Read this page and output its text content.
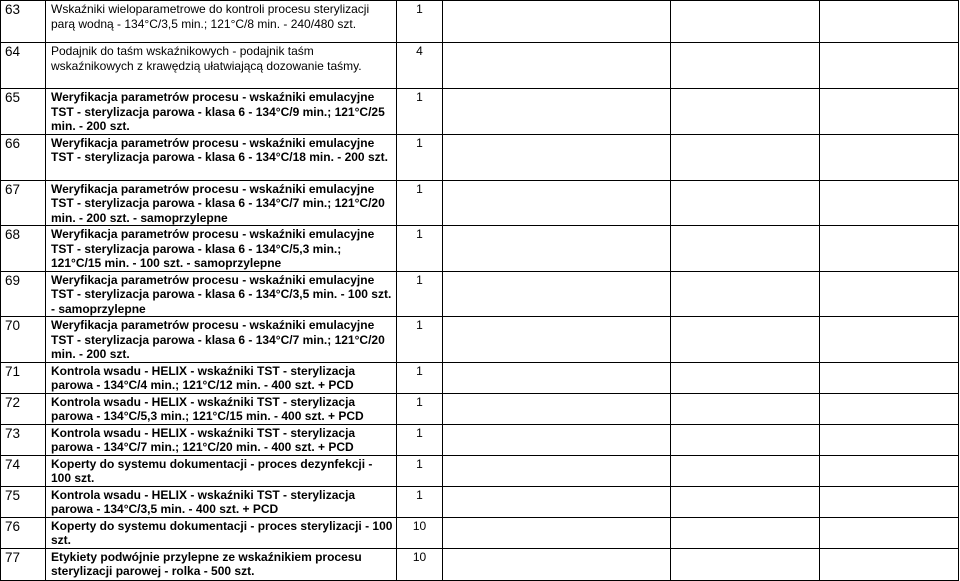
63	Wskaźniki wieloparametrowe do kontroli procesu sterylizacji parą wodną - 134°C/3,5 min.; 121°C/8 min. - 240/480 szt.	1			
64	Podajnik do taśm wskaźnikowych - podajnik taśm wskaźnikowych z krawędzią ułatwiającą dozowanie taśmy.	4			
65	Weryfikacja parametrów procesu - wskaźniki emulacyjne TST - sterylizacja parowa - klasa 6 - 134°C/9 min.; 121°C/25 min. - 200 szt.	1			
66	Weryfikacja parametrów procesu - wskaźniki emulacyjne TST - sterylizacja parowa - klasa 6 - 134°C/18 min. - 200 szt.	1			
67	Weryfikacja parametrów procesu - wskaźniki emulacyjne TST - sterylizacja parowa - klasa 6 - 134°C/7 min.; 121°C/20 min. - 200 szt. - samoprzylepne	1			
68	Weryfikacja parametrów procesu - wskaźniki emulacyjne TST - sterylizacja parowa - klasa 6 - 134°C/5,3 min.; 121°C/15 min. - 100 szt. - samoprzylepne	1			
69	Weryfikacja parametrów procesu - wskaźniki emulacyjne TST - sterylizacja parowa - klasa 6 - 134°C/3,5 min. - 100 szt. - samoprzylepne	1			
70	Weryfikacja parametrów procesu - wskaźniki emulacyjne TST - sterylizacja parowa - klasa 6 - 134°C/7 min.; 121°C/20 min. - 200 szt.	1			
71	Kontrola wsadu - HELIX - wskaźniki TST - sterylizacja parowa - 134°C/4 min.; 121°C/12 min. - 400 szt. + PCD	1			
72	Kontrola wsadu - HELIX - wskaźniki TST - sterylizacja parowa - 134°C/5,3 min.; 121°C/15 min. - 400 szt. + PCD	1			
73	Kontrola wsadu - HELIX - wskaźniki TST - sterylizacja parowa - 134°C/7 min.; 121°C/20 min. - 400 szt. + PCD	1			
74	Koperty do systemu dokumentacji - proces dezynfekcji - 100 szt.	1			
75	Kontrola wsadu - HELIX - wskaźniki TST - sterylizacja parowa - 134°C/3,5 min. - 400 szt. + PCD	1			
76	Koperty do systemu dokumentacji - proces sterylizacji - 100 szt.	10			
77	Etykiety podwójnie przylepne ze wskaźnikiem procesu sterylizacji parowej - rolka - 500 szt.	10			
